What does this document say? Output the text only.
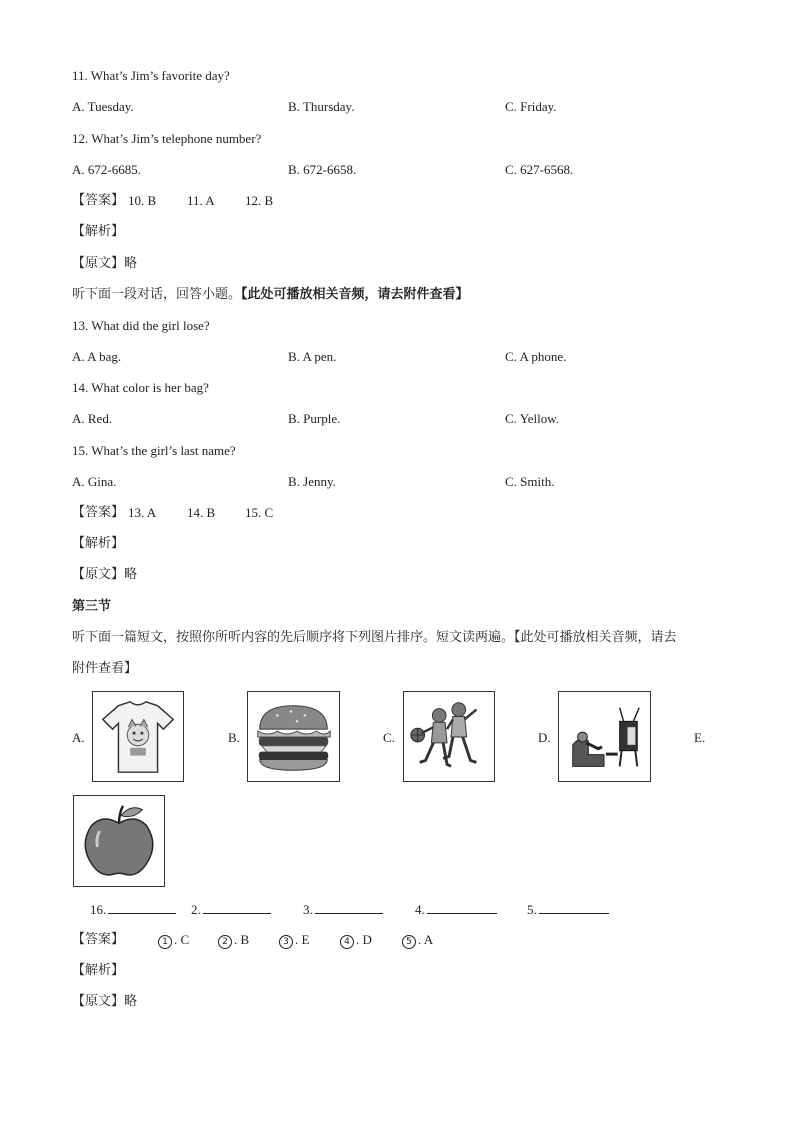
11. What’s Jim’s favorite day?
A. Tuesday.	B. Thursday.	C. Friday.
12. What’s Jim’s telephone number?
A. 672-6685.	B. 672-6658.	C. 627-6568.
【答案】 10. B 11. A 12. B
【解析】
【原文】略
听下面一段对话，回答小题。【此处可播放相关音频，请去附件查看】
13. What did the girl lose?
A. A bag.	B. A pen.	C. A phone.
14. What color is her bag?
A. Red.	B. Purple.	C. Yellow.
15. What’s the girl’s last name?
A. Gina.	B. Jenny.	C. Smith.
【答案】 13. A 14. B 15. C
【解析】
【原文】略
第三节
听下面一篇短文，按照你所听内容的先后顺序将下列图片排序。短文读两遍。【此处可播放相关音频，请去
附件查看】
A.	B.	C.	D.	E.
16.	2.	3.	4.	5.
【答案】	1 . C	2 . B	3 . E	4 . D	5 . A
【解析】
【原文】略
